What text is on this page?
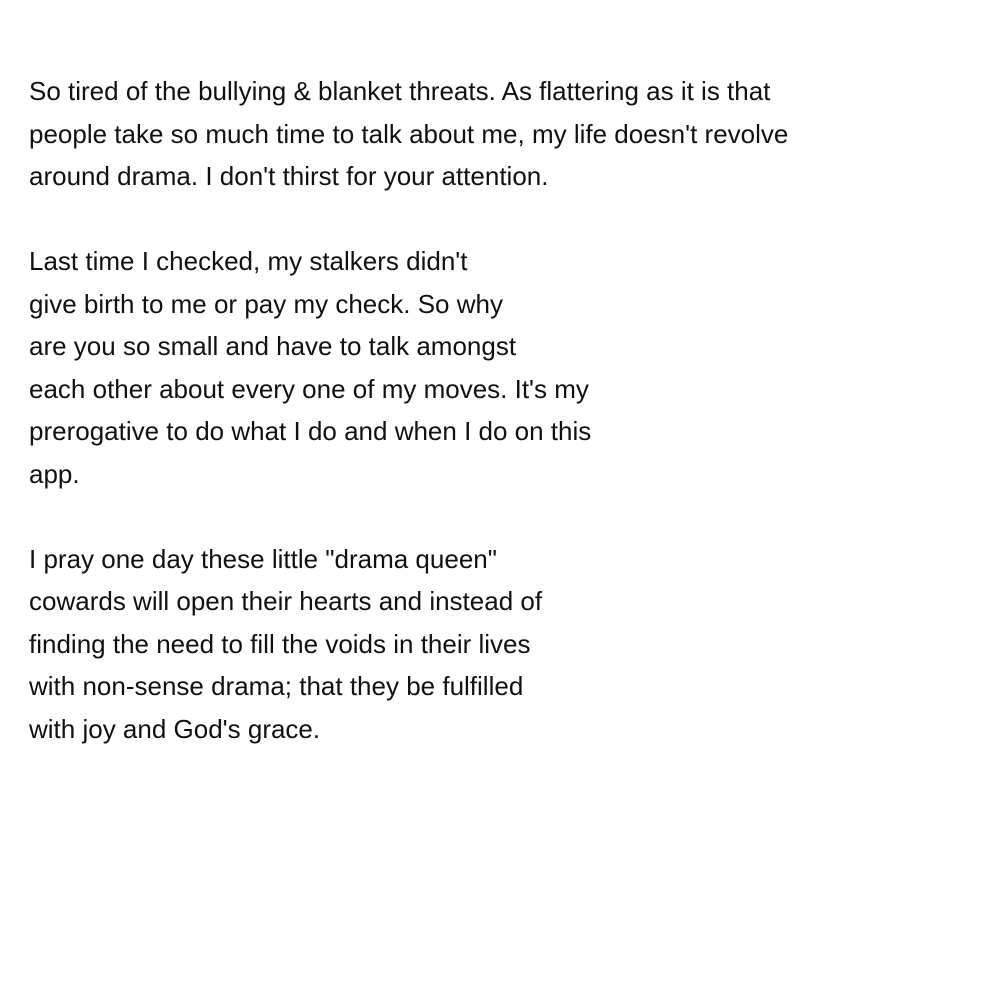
So tired of the bullying & blanket threats. As flattering as it is that
people take so much time to talk about me, my life doesn't revolve
around drama. I don't thirst for your attention.

Last time I checked, my stalkers didn't
give birth to me or pay my check. So why
are you so small and have to talk amongst
each other about every one of my moves. It's my
prerogative to do what I do and when I do on this
app.

I pray one day these little "drama queen"
cowards will open their hearts and instead of
finding the need to fill the voids in their lives
with non-sense drama; that they be fulfilled
with joy and God's grace.
